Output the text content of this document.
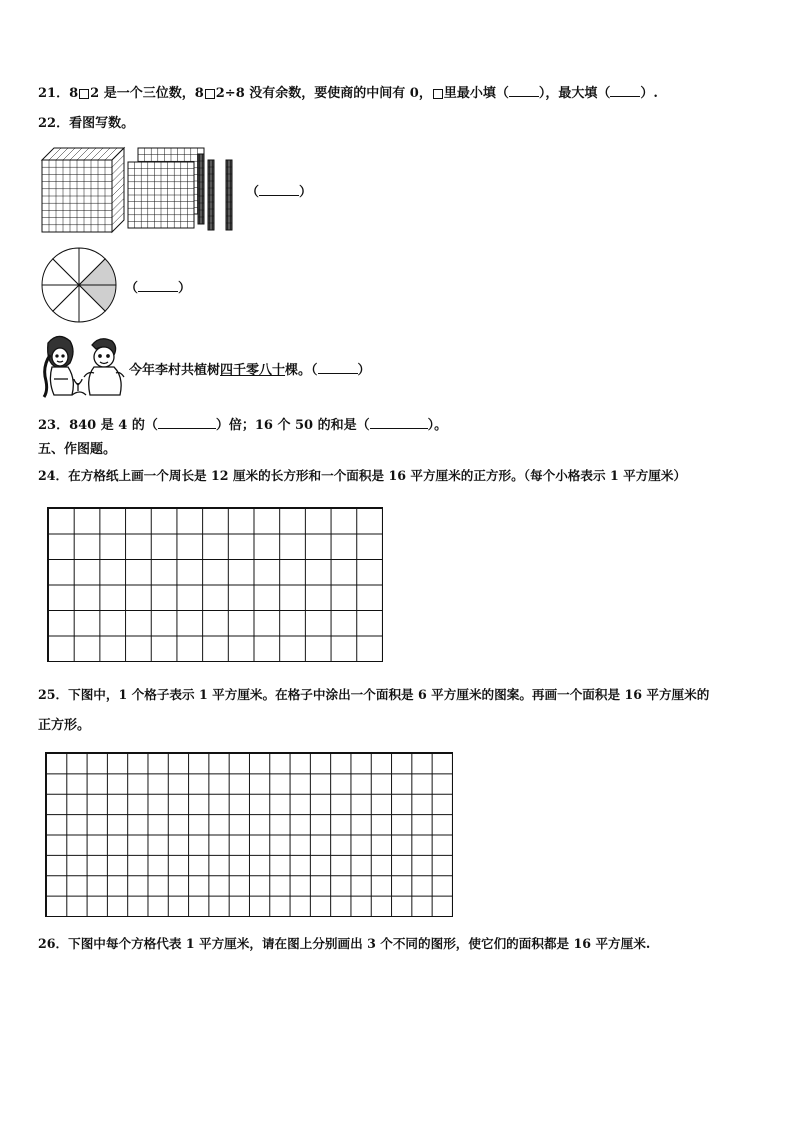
21．8 2 是一个三位数，8 2÷8 没有余数，要使商的中间有 0， 里最小填（ ），最大填（ ）.
22．看图写数。
（	）
（	）
今年李村共植树四千零八十棵。（	）
23．840 是 4 的（	）倍；16 个 50 的和是（	）。
五、作图题。
24．在方格纸上画一个周长是 12 厘米的长方形和一个面积是 16 平方厘米的正方形。（每个小格表示 1 平方厘米）
25．下图中，1 个格子表示 1 平方厘米。在格子中涂出一个面积是 6 平方厘米的图案。再画一个面积是 16 平方厘米的
正方形。
26．下图中每个方格代表 1 平方厘米，请在图上分别画出 3 个不同的图形，使它们的面积都是 16 平方厘米.
